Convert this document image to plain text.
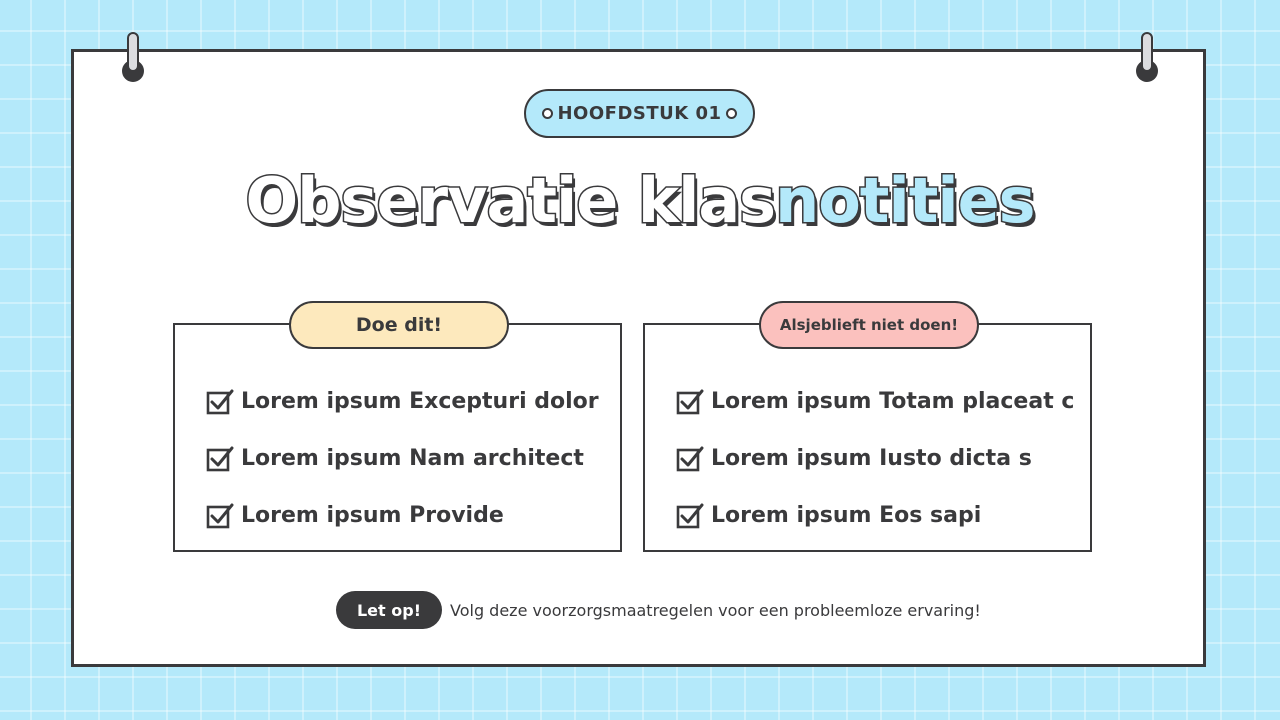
HOOFDSTUK 01
Observatie klasnotities
Doe dit!
Lorem ipsum Excepturi dolor
Lorem ipsum Nam architect
Lorem ipsum Provide
Alsjeblieft niet doen!
Lorem ipsum Totam placeat c
Lorem ipsum Iusto dicta s
Lorem ipsum Eos sapi
Let op!	Volg deze voorzorgsmaatregelen voor een probleemloze ervaring!
